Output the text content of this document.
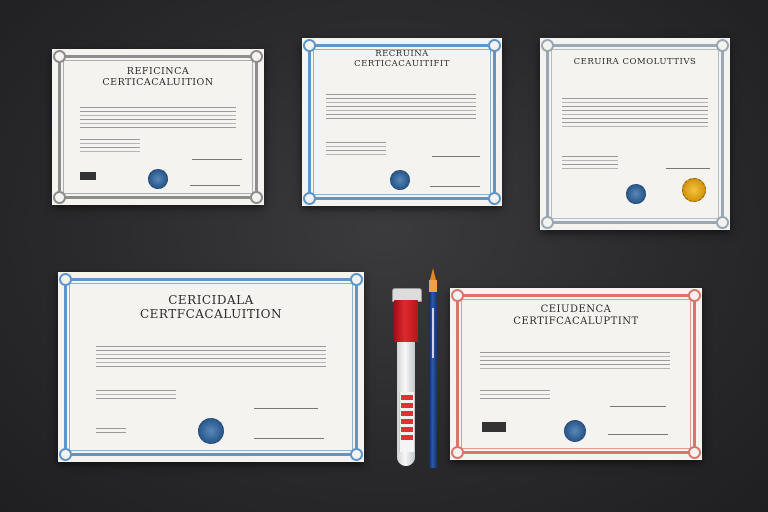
REFICINCA
CERTICACALUITION
RECRUINA
CERTICACAUITIFIT	CERUIRA COMOLUTTIVS
CERICIDALA
CERTFCACALUITION	CEIUDENCA
CERTIFCACALUPTINT
